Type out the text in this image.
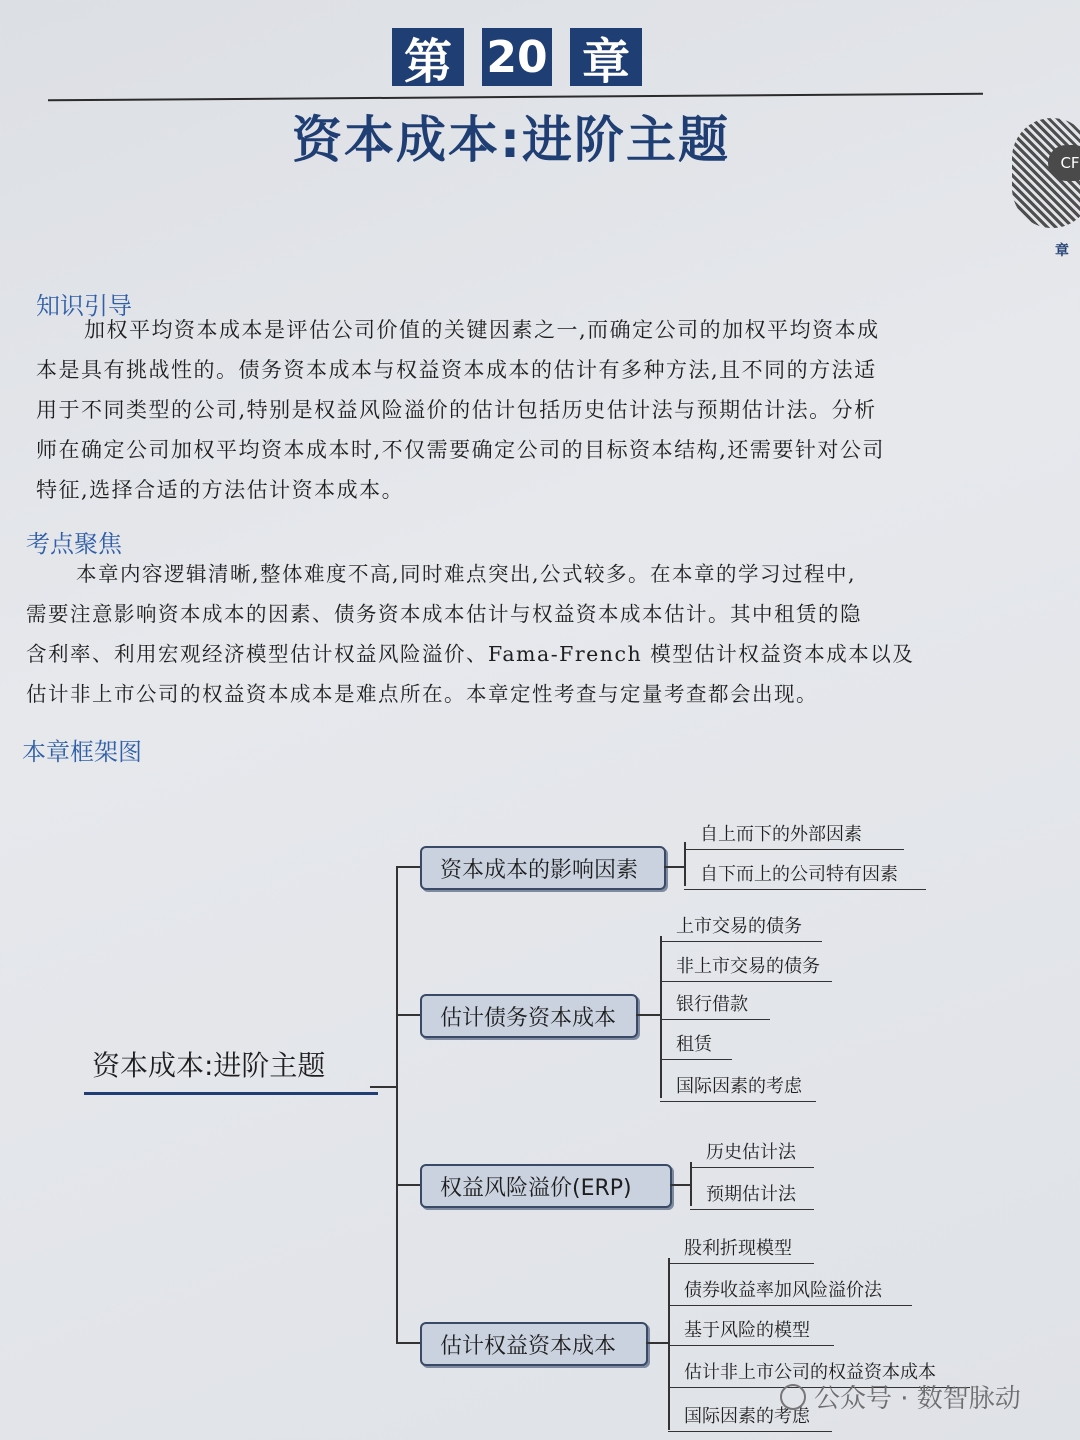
第 20 章
资本成本:进阶主题	CF
章
知识引导
加权平均资本成本是评估公司价值的关键因素之一,而确定公司的加权平均资本成
本是具有挑战性的。债务资本成本与权益资本成本的估计有多种方法,且不同的方法适
用于不同类型的公司,特别是权益风险溢价的估计包括历史估计法与预期估计法。分析
师在确定公司加权平均资本成本时,不仅需要确定公司的目标资本结构,还需要针对公司
特征,选择合适的方法估计资本成本。
考点聚焦
本章内容逻辑清晰,整体难度不高,同时难点突出,公式较多。在本章的学习过程中,
需要注意影响资本成本的因素、债务资本成本估计与权益资本成本估计。其中租赁的隐
含利率、利用宏观经济模型估计权益风险溢价、Fama-French 模型估计权益资本成本以及
估计非上市公司的权益资本成本是难点所在。本章定性考查与定量考查都会出现。
本章框架图
资本成本:进阶主题
资本成本的影响因素
自上而下的外部因素
自下而上的公司特有因素
估计债务资本成本
上市交易的债务
非上市交易的债务
银行借款
租赁
国际因素的考虑
权益风险溢价(ERP)
历史估计法
预期估计法
估计权益资本成本
股利折现模型
债券收益率加风险溢价法
基于风险的模型
估计非上市公司的权益资本成本
国际因素的考虑
公众号 · 数智脉动
